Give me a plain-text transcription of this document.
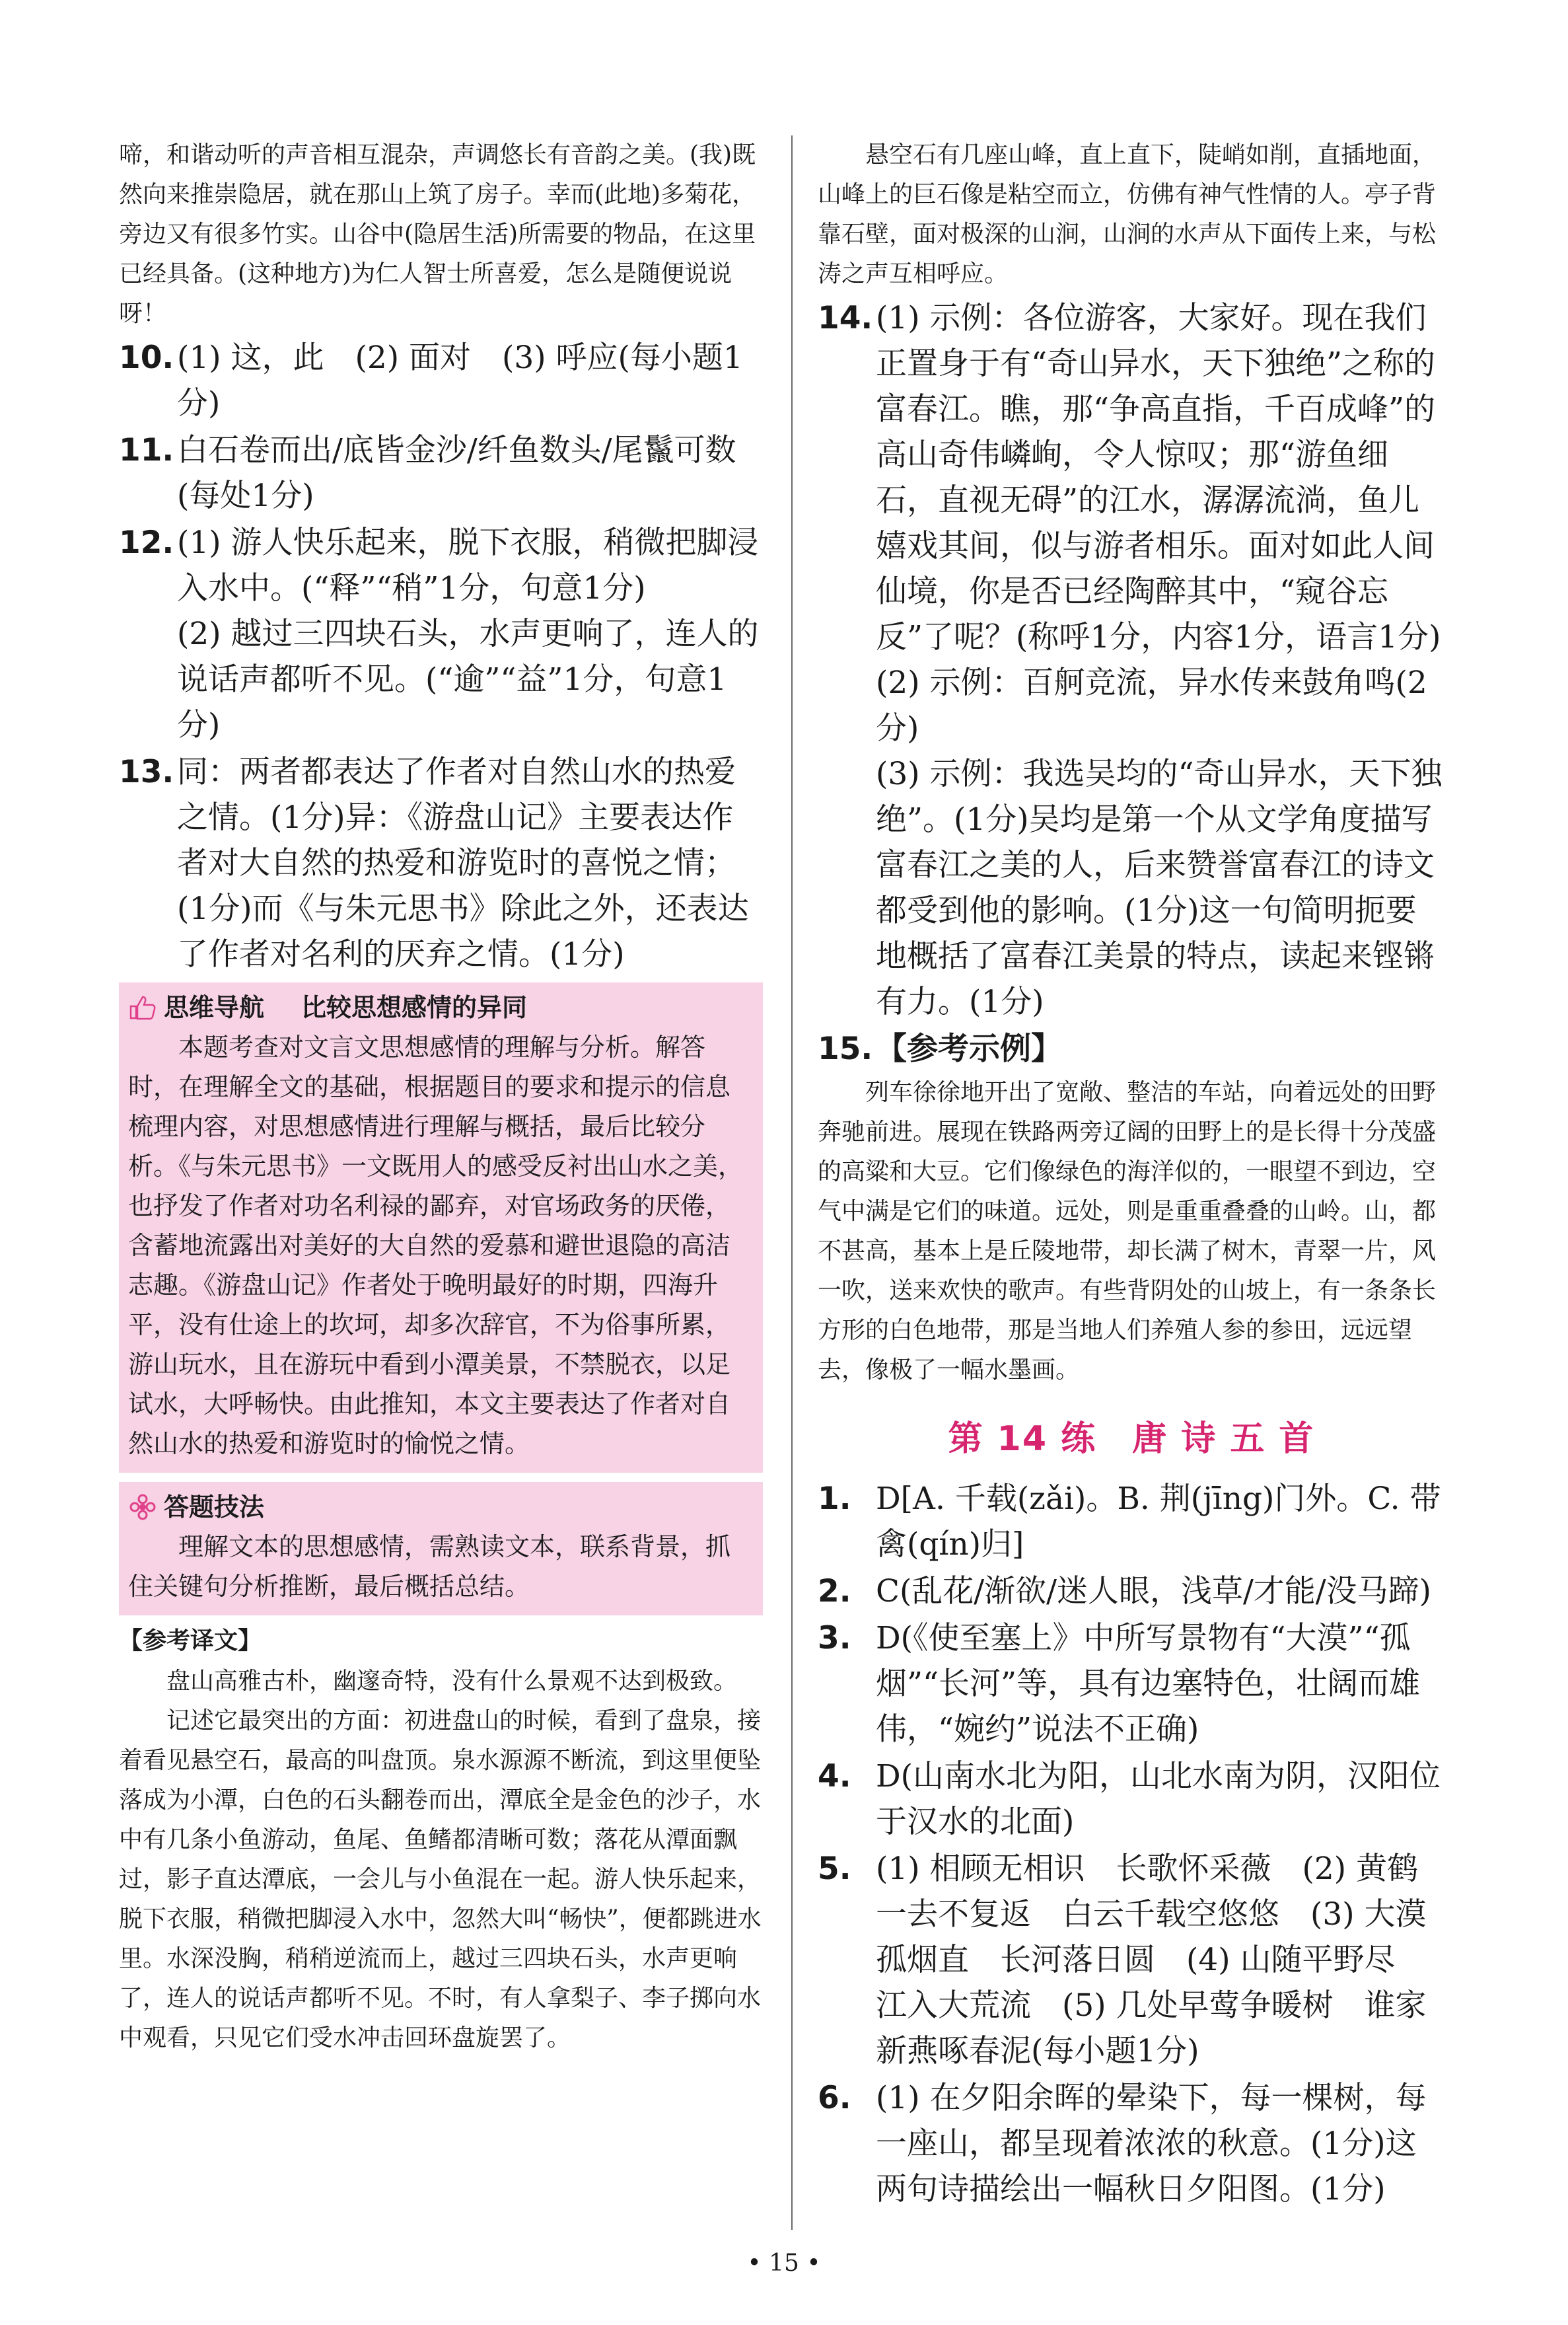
啼，和谐动听的声音相互混杂，声调悠长有音韵之美。(我)既然向来推崇隐居，就在那山上筑了房子。幸而(此地)多菊花，旁边又有很多竹实。山谷中(隐居生活)所需要的物品，在这里已经具备。(这种地方)为仁人智士所喜爱，怎么是随便说说呀！

10. (1) 这，此　(2) 面对　(3) 呼应(每小题1分)

11. 白石卷而出/底皆金沙/纤鱼数头/尾鬣可数(每处1分)

12. (1) 游人快乐起来，脱下衣服，稍微把脚浸入水中。(“释”“稍”1分，句意1分)

(2) 越过三四块石头，水声更响了，连人的说话声都听不见。(“逾”“益”1分，句意1分)

13. 同：两者都表达了作者对自然山水的热爱之情。(1分)异：《游盘山记》主要表达作者对大自然的热爱和游览时的喜悦之情；(1分)而《与朱元思书》除此之外，还表达了作者对名利的厌弃之情。(1分)

思维导航 比较思想感情的异同

本题考查对文言文思想感情的理解与分析。解答时，在理解全文的基础，根据题目的要求和提示的信息梳理内容，对思想感情进行理解与概括，最后比较分析。《与朱元思书》一文既用人的感受反衬出山水之美，也抒发了作者对功名利禄的鄙弃，对官场政务的厌倦，含蓄地流露出对美好的大自然的爱慕和避世退隐的高洁志趣。《游盘山记》作者处于晚明最好的时期，四海升平，没有仕途上的坎坷，却多次辞官，不为俗事所累，游山玩水，且在游玩中看到小潭美景，不禁脱衣，以足试水，大呼畅快。由此推知，本文主要表达了作者对自然山水的热爱和游览时的愉悦之情。

答题技法

理解文本的思想感情，需熟读文本，联系背景，抓住关键句分析推断，最后概括总结。

【参考译文】

盘山高雅古朴，幽邃奇特，没有什么景观不达到极致。

记述它最突出的方面：初进盘山的时候，看到了盘泉，接着看见悬空石，最高的叫盘顶。泉水源源不断流，到这里便坠落成为小潭，白色的石头翻卷而出，潭底全是金色的沙子，水中有几条小鱼游动，鱼尾、鱼鳍都清晰可数；落花从潭面飘过，影子直达潭底，一会儿与小鱼混在一起。游人快乐起来，脱下衣服，稍微把脚浸入水中，忽然大叫“畅快”，便都跳进水里。水深没胸，稍稍逆流而上，越过三四块石头，水声更响了，连人的说话声都听不见。不时，有人拿梨子、李子掷向水中观看，只见它们受水冲击回环盘旋罢了。

悬空石有几座山峰，直上直下，陡峭如削，直插地面，山峰上的巨石像是粘空而立，仿佛有神气性情的人。亭子背靠石壁，面对极深的山涧，山涧的水声从下面传上来，与松涛之声互相呼应。

14. (1) 示例：各位游客，大家好。现在我们正置身于有“奇山异水，天下独绝”之称的富春江。瞧，那“争高直指，千百成峰”的高山奇伟嶙峋，令人惊叹；那“游鱼细石，直视无碍”的江水，潺潺流淌，鱼儿嬉戏其间，似与游者相乐。面对如此人间仙境，你是否已经陶醉其中，“窥谷忘反”了呢？(称呼1分，内容1分，语言1分)

(2) 示例：百舸竞流，异水传来鼓角鸣(2分)

(3) 示例：我选吴均的“奇山异水，天下独绝”。(1分)吴均是第一个从文学角度描写富春江之美的人，后来赞誉富春江的诗文都受到他的影响。(1分)这一句简明扼要地概括了富春江美景的特点，读起来铿锵有力。(1分)

15. 【参考示例】

列车徐徐地开出了宽敞、整洁的车站，向着远处的田野奔驰前进。展现在铁路两旁辽阔的田野上的是长得十分茂盛的高粱和大豆。它们像绿色的海洋似的，一眼望不到边，空气中满是它们的味道。远处，则是重重叠叠的山岭。山，都不甚高，基本上是丘陵地带，却长满了树木，青翠一片，风一吹，送来欢快的歌声。有些背阴处的山坡上，有一条条长方形的白色地带，那是当地人们养殖人参的参田，远远望去，像极了一幅水墨画。

第 14 练　唐 诗 五 首
1. D[A. 千载(zǎi)。B. 荆(jīng)门外。C. 带禽(qín)归]

2. C(乱花/渐欲/迷人眼，浅草/才能/没马蹄)

3. D(《使至塞上》中所写景物有“大漠”“孤烟”“长河”等，具有边塞特色，壮阔而雄伟，“婉约”说法不正确)

4. D(山南水北为阳，山北水南为阴，汉阳位于汉水的北面)

5. (1) 相顾无相识　长歌怀采薇　(2) 黄鹤一去不复返　白云千载空悠悠　(3) 大漠孤烟直　长河落日圆　(4) 山随平野尽　江入大荒流　(5) 几处早莺争暖树　谁家新燕啄春泥(每小题1分)

6. (1) 在夕阳余晖的晕染下，每一棵树，每一座山，都呈现着浓浓的秋意。(1分)这两句诗描绘出一幅秋日夕阳图。(1分)

• 15 •
